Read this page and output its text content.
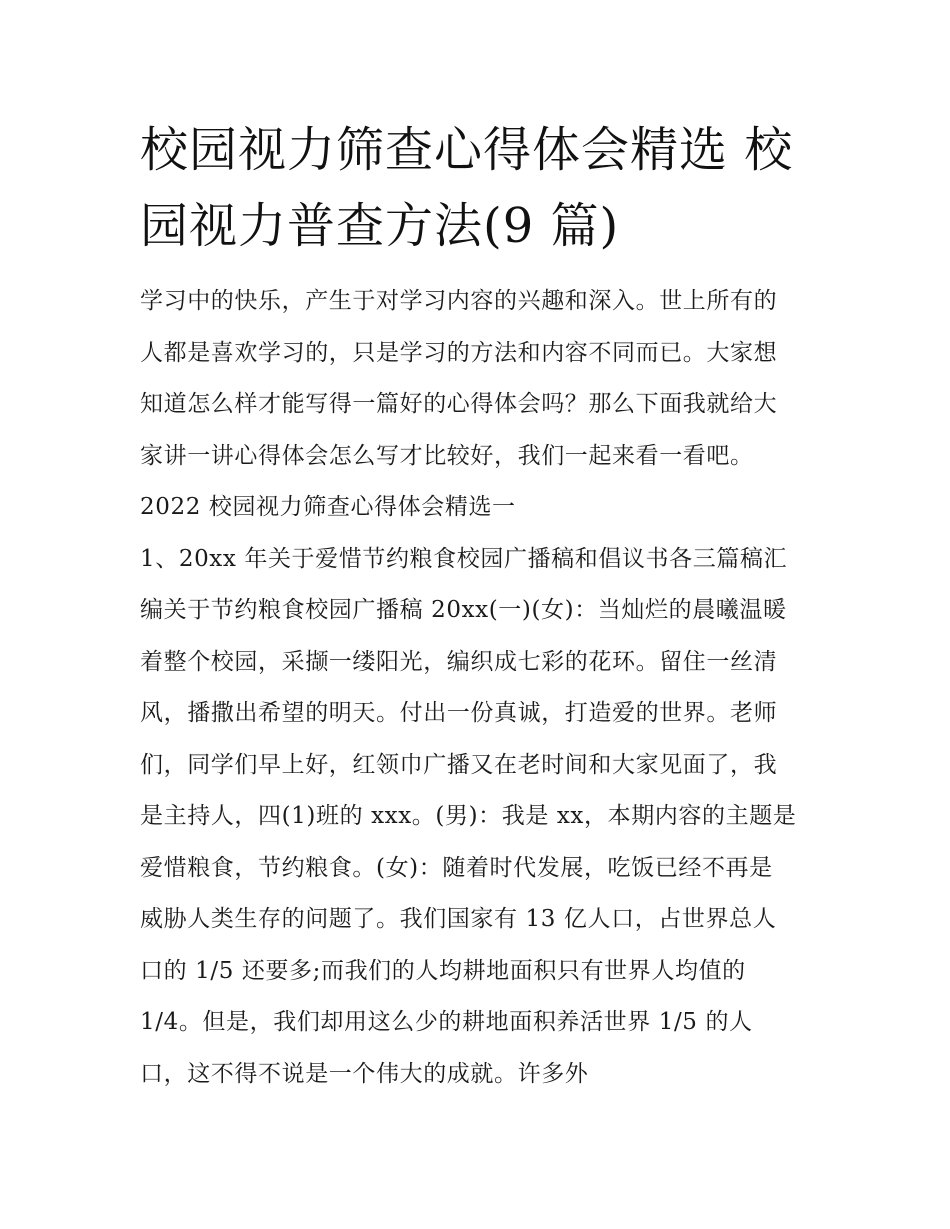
校园视力筛查心得体会精选 校
园视力普查方法(9 篇)
学习中的快乐，产生于对学习内容的兴趣和深入。世上所有的
人都是喜欢学习的，只是学习的方法和内容不同而已。大家想
知道怎么样才能写得一篇好的心得体会吗？那么下面我就给大
家讲一讲心得体会怎么写才比较好，我们一起来看一看吧。
2022 校园视力筛查心得体会精选一
1、20xx 年关于爱惜节约粮食校园广播稿和倡议书各三篇稿汇
编关于节约粮食校园广播稿 20xx(一)(女)：当灿烂的晨曦温暖
着整个校园，采撷一缕阳光，编织成七彩的花环。留住一丝清
风，播撒出希望的明天。付出一份真诚，打造爱的世界。老师
们，同学们早上好，红领巾广播又在老时间和大家见面了，我
是主持人，四(1)班的 xxx。(男)：我是 xx，本期内容的主题是
爱惜粮食，节约粮食。(女)：随着时代发展，吃饭已经不再是
威胁人类生存的问题了。我们国家有 13 亿人口，占世界总人
口的 1/5 还要多;而我们的人均耕地面积只有世界人均值的
1/4。但是，我们却用这么少的耕地面积养活世界 1/5 的人
口，这不得不说是一个伟大的成就。许多外
